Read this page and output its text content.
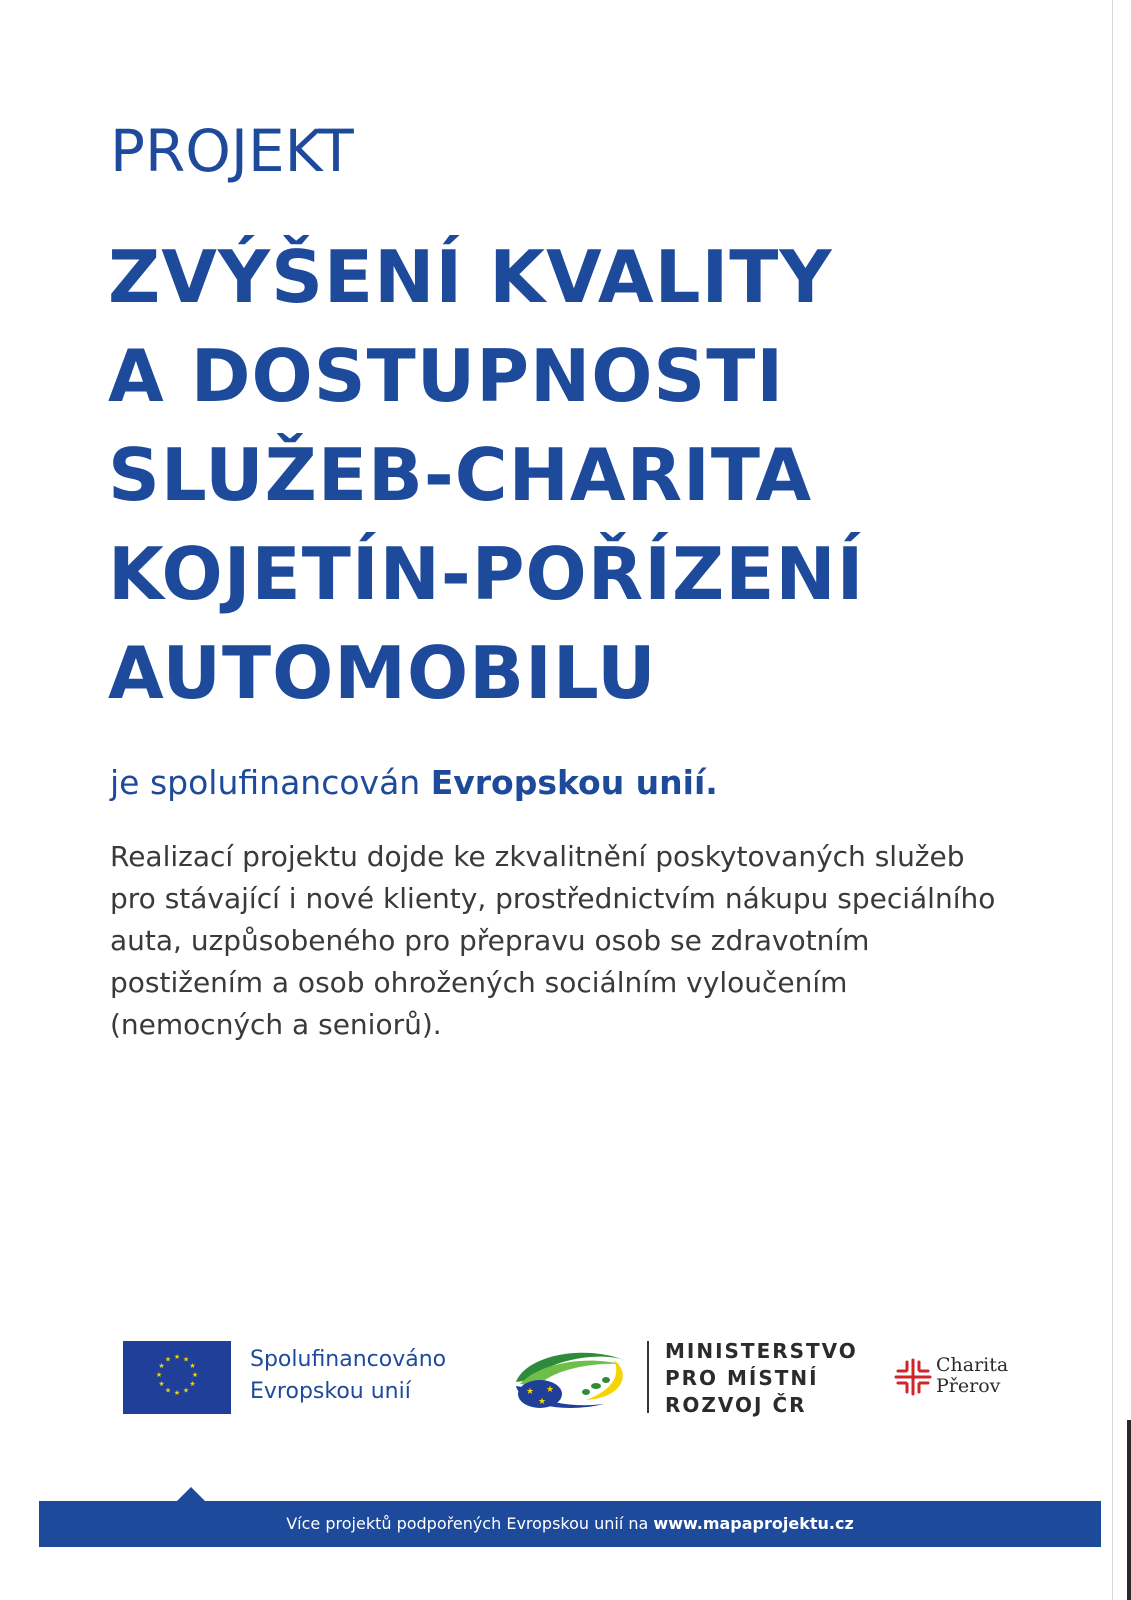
PROJEKT
ZVÝŠENÍ KVALITY
A DOSTUPNOSTI
SLUŽEB-CHARITA
KOJETÍN-POŘÍZENÍ
AUTOMOBILU

je spolufinancován Evropskou unií.

Realizací projektu dojde ke zkvalitnění poskytovaných služeb
pro stávající i nové klienty, prostřednictvím nákupu speciálního
auta, uzpůsobeného pro přepravu osob se zdravotním
postižením a osob ohrožených sociálním vyloučením
(nemocných a seniorů).

★ ★
★
★
★
★
★
★
★
★
★
★	Spolufinancováno
Evropskou unií	★
★
★
MINISTERSTVO
PRO MÍSTNÍ
ROZVOJ ČR
Charita
Přerov
Více projektů podpořených Evropskou unií na www.mapaprojektu.cz
